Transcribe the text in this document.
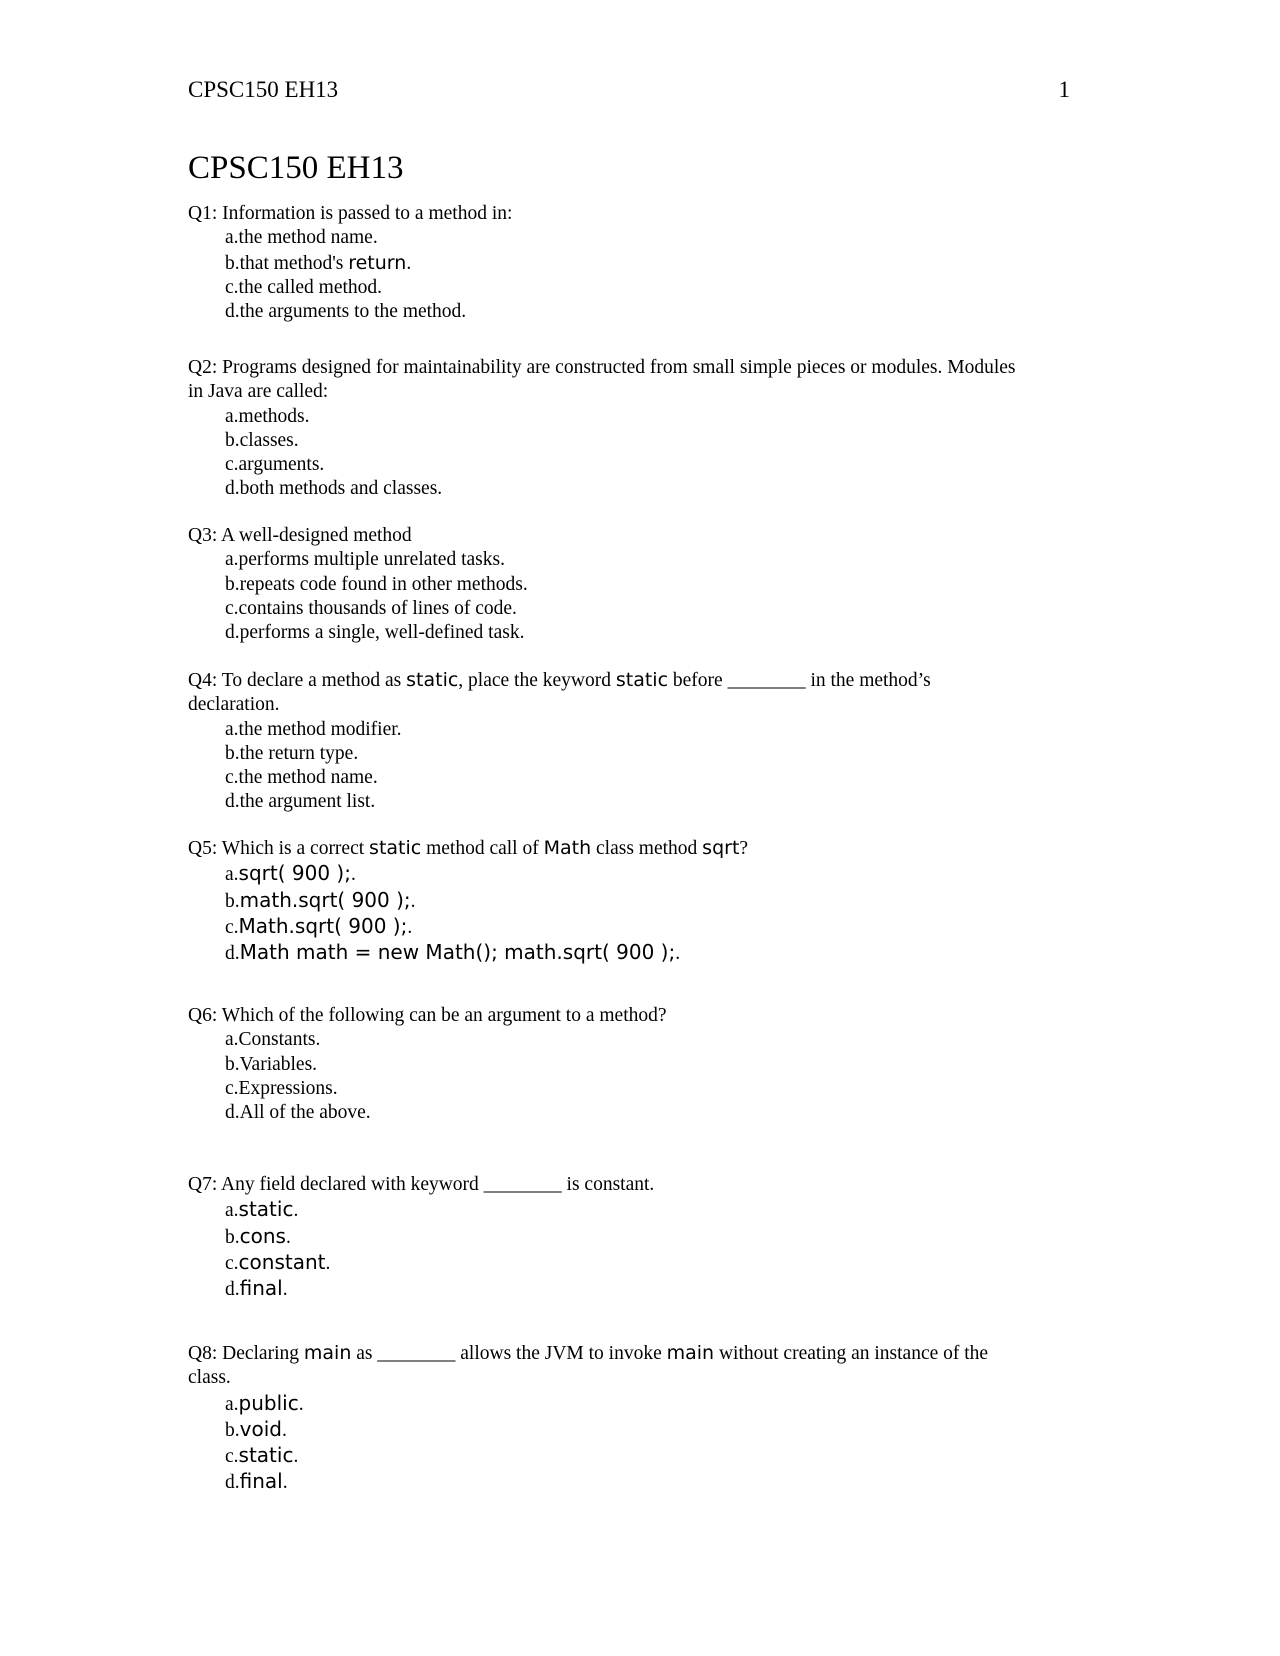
CPSC150 EH13	1
CPSC150 EH13

Q1: Information is passed to a method in:

a.the method name.
b.that method's return.
c.the called method.
d.the arguments to the method.

Q2: Programs designed for maintainability are constructed from small simple pieces or modules. Modules
in Java are called:

a.methods.
b.classes.
c.arguments.
d.both methods and classes.

Q3: A well-designed method

a.performs multiple unrelated tasks.
b.repeats code found in other methods.
c.contains thousands of lines of code.
d.performs a single, well-defined task.

Q4: To declare a method as static, place the keyword static before ________ in the method’s
declaration.

a.the method modifier.
b.the return type.
c.the method name.
d.the argument list.

Q5: Which is a correct static method call of Math class method sqrt?

a.sqrt( 900 );.
b.math.sqrt( 900 );.
c.Math.sqrt( 900 );.
d.Math math = new Math(); math.sqrt( 900 );.

Q6: Which of the following can be an argument to a method?

a.Constants.
b.Variables.
c.Expressions.
d.All of the above.

Q7: Any field declared with keyword ________ is constant.

a.static.
b.cons.
c.constant.
d.final.

Q8: Declaring main as ________ allows the JVM to invoke main without creating an instance of the
class.

a.public.
b.void.
c.static.
d.final.
